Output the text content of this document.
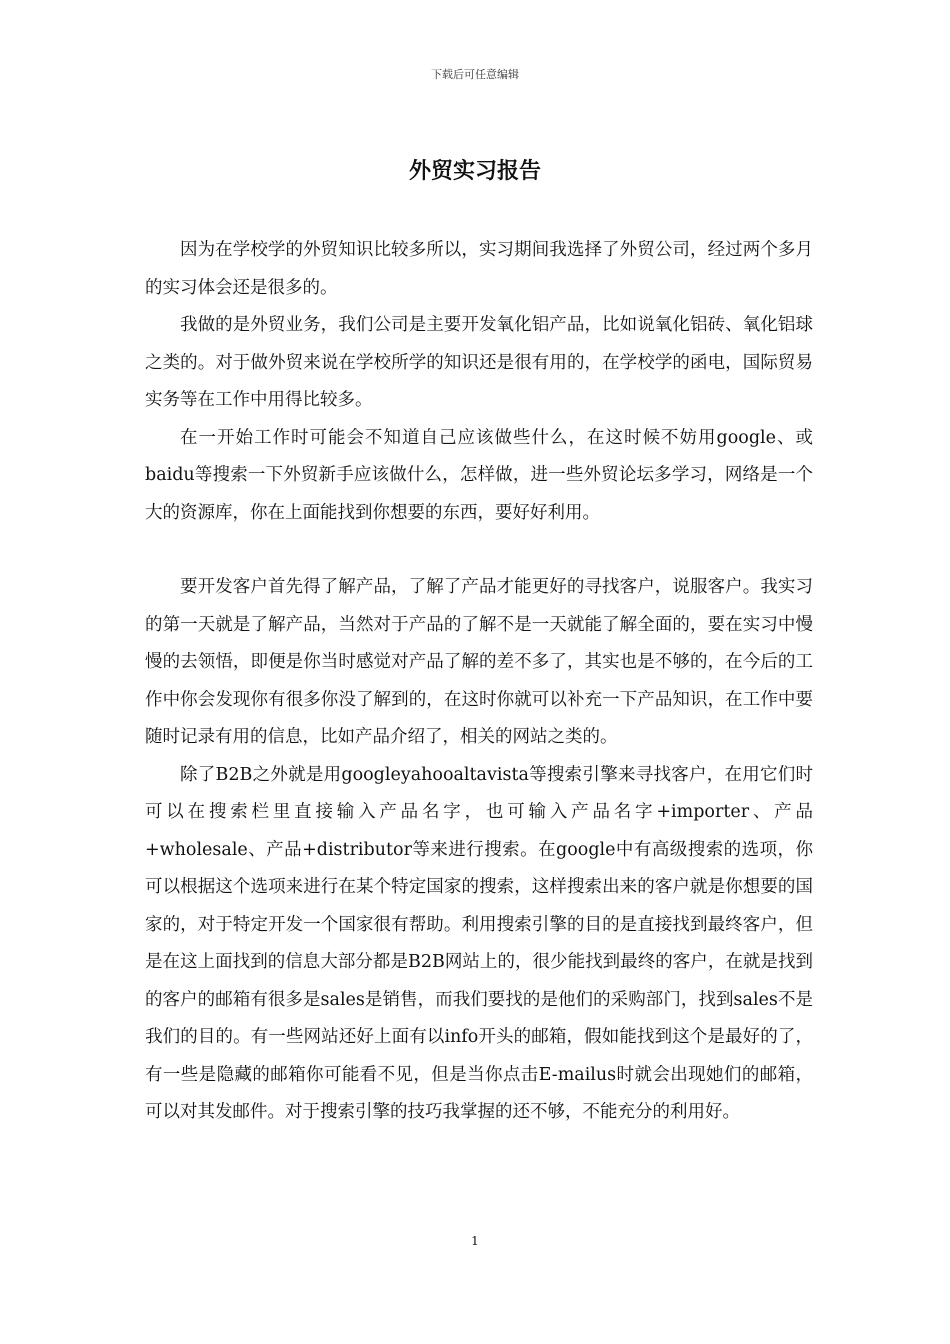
下载后可任意编辑
外贸实习报告

因为在学校学的外贸知识比较多所以，实习期间我选择了外贸公司，经过两个多月的实习体会还是很多的。

我做的是外贸业务，我们公司是主要开发氧化铝产品，比如说氧化铝砖、氧化铝球之类的。对于做外贸来说在学校所学的知识还是很有用的，在学校学的函电，国际贸易实务等在工作中用得比较多。

在一开始工作时可能会不知道自己应该做些什么，在这时候不妨用google、或baidu等搜索一下外贸新手应该做什么，怎样做，进一些外贸论坛多学习，网络是一个大的资源库，你在上面能找到你想要的东西，要好好利用。

要开发客户首先得了解产品，了解了产品才能更好的寻找客户，说服客户。我实习的第一天就是了解产品，当然对于产品的了解不是一天就能了解全面的，要在实习中慢慢的去领悟，即便是你当时感觉对产品了解的差不多了，其实也是不够的，在今后的工作中你会发现你有很多你没了解到的，在这时你就可以补充一下产品知识，在工作中要随时记录有用的信息，比如产品介绍了，相关的网站之类的。

除了B2B之外就是用googleyahooaltavista等搜索引擎来寻找客户，在用它们时可以在搜索栏里直接输入产品名字，也可输入产品名字+importer、产品+wholesale、产品+distributor等来进行搜索。在google中有高级搜索的选项，你可以根据这个选项来进行在某个特定国家的搜索，这样搜索出来的客户就是你想要的国家的，对于特定开发一个国家很有帮助。利用搜索引擎的目的是直接找到最终客户，但是在这上面找到的信息大部分都是B2B网站上的，很少能找到最终的客户，在就是找到的客户的邮箱有很多是sales是销售，而我们要找的是他们的采购部门，找到sales不是我们的目的。有一些网站还好上面有以info开头的邮箱，假如能找到这个是最好的了，有一些是隐藏的邮箱你可能看不见，但是当你点击E-mailus时就会出现她们的邮箱，可以对其发邮件。对于搜索引擎的技巧我掌握的还不够，不能充分的利用好。

1
